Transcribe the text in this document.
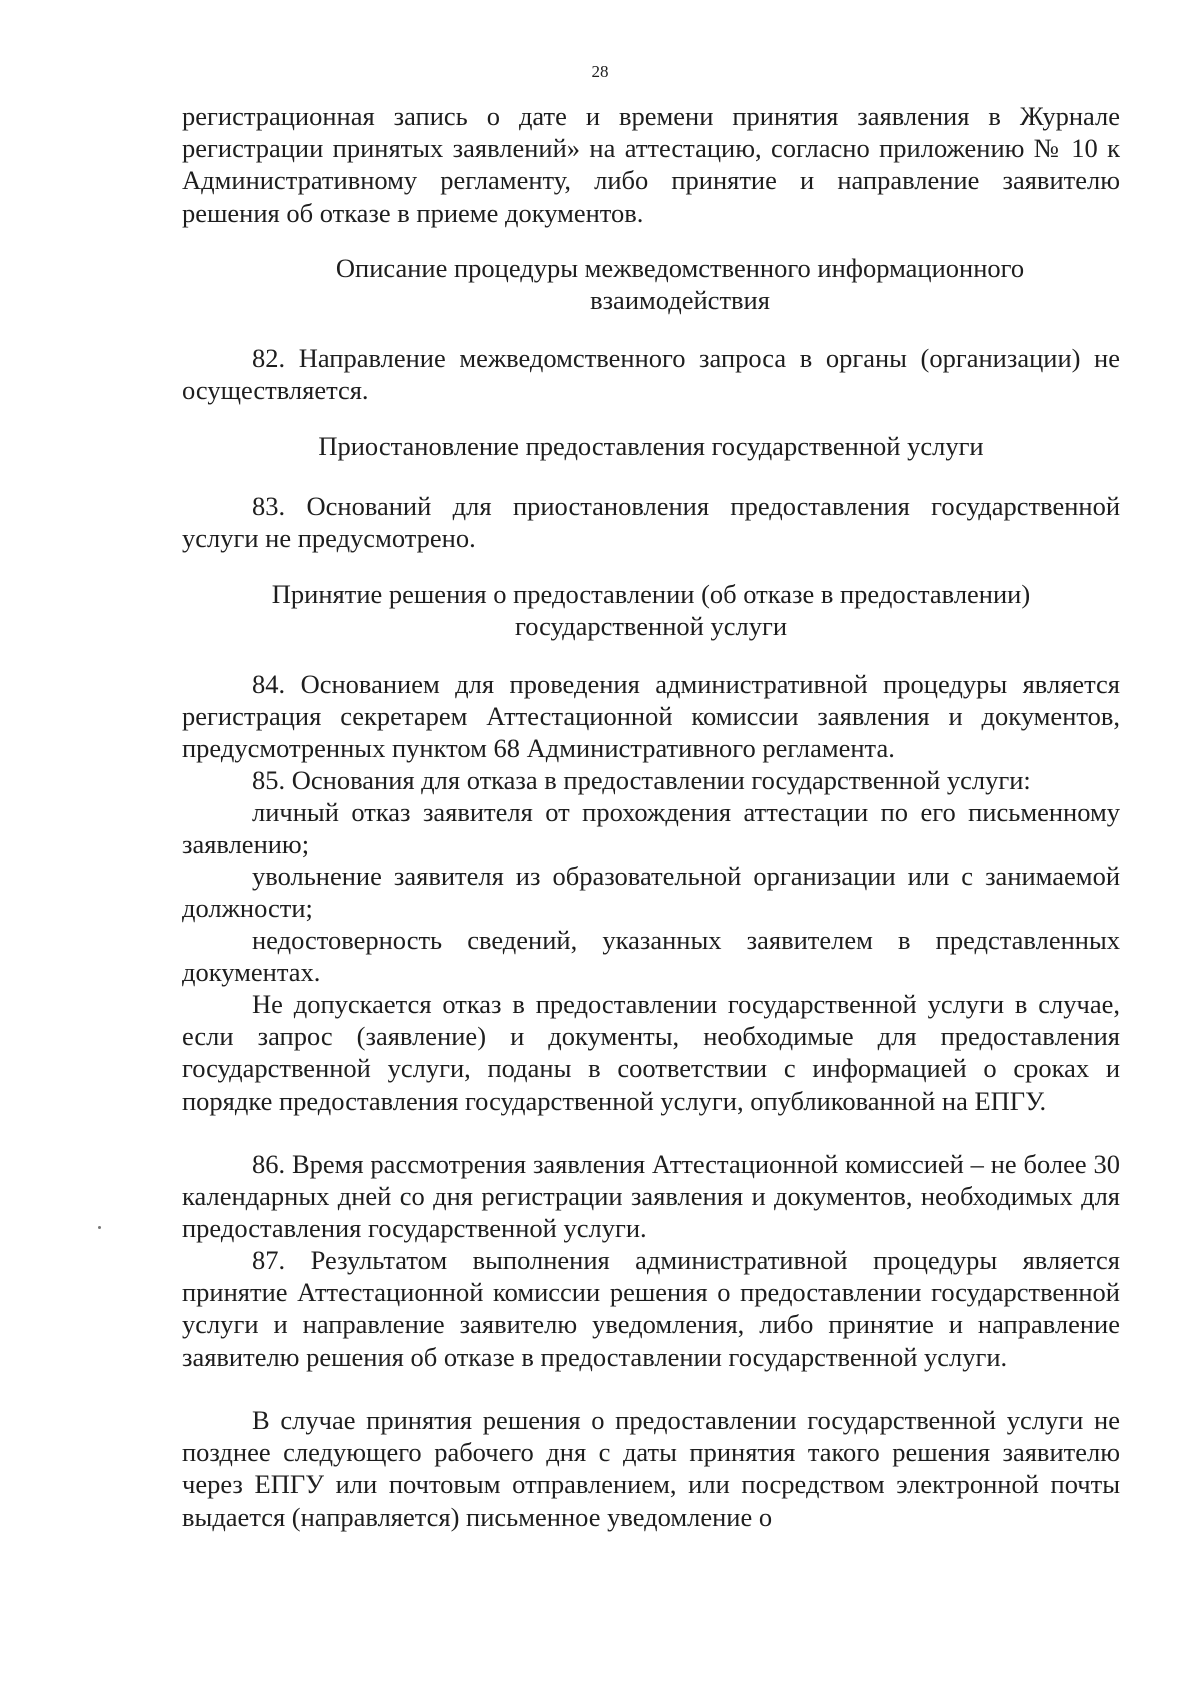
28

регистрационная запись о дате и времени принятия заявления в Журнале регистрации принятых заявлений» на аттестацию, согласно приложению № 10 к Административному регламенту, либо принятие и направление заявителю решения об отказе в приеме документов.

Описание процедуры межведомственного информационного

взаимодействия

82. Направление межведомственного запроса в органы (организации) не осуществляется.

Приостановление предоставления государственной услуги

83. Оснований для приостановления предоставления государственной услуги не предусмотрено.

Принятие решения о предоставлении (об отказе в предоставлении)

государственной услуги

84. Основанием для проведения административной процедуры является регистрация секретарем Аттестационной комиссии заявления и документов, предусмотренных пунктом 68 Административного регламента.

85. Основания для отказа в предоставлении государственной услуги:

личный отказ заявителя от прохождения аттестации по его письменному заявлению;

увольнение заявителя из образовательной организации или с занимаемой должности;

недостоверность сведений, указанных заявителем в представленных документах.

Не допускается отказ в предоставлении государственной услуги в случае, если запрос (заявление) и документы, необходимые для предоставления государственной услуги, поданы в соответствии с информацией о сроках и порядке предоставления государственной услуги, опубликованной на ЕПГУ.

86. Время рассмотрения заявления Аттестационной комиссией – не более 30 календарных дней со дня регистрации заявления и документов, необходимых для предоставления государственной услуги.

87. Результатом выполнения административной процедуры является принятие Аттестационной комиссии решения о предоставлении государственной услуги и направление заявителю уведомления, либо принятие и направление заявителю решения об отказе в предоставлении государственной услуги.

В случае принятия решения о предоставлении государственной услуги не позднее следующего рабочего дня с даты принятия такого решения заявителю через ЕПГУ или почтовым отправлением, или посредством электронной почты выдается (направляется) письменное уведомление о
